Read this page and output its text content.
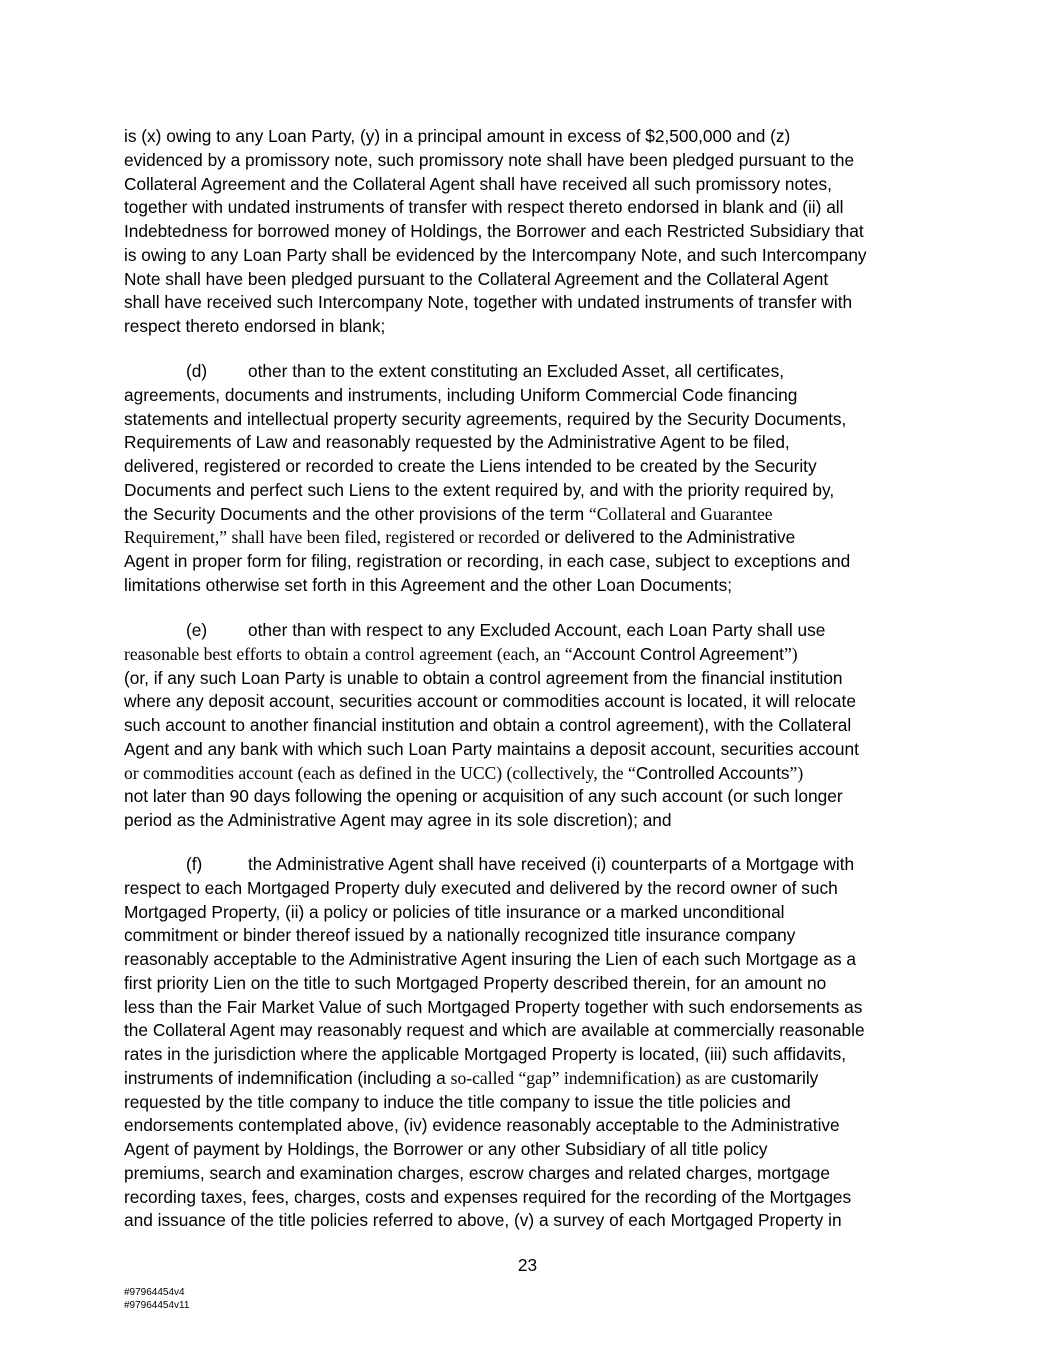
is (x) owing to any Loan Party, (y) in a principal amount in excess of $2,500,000 and (z)
evidenced by a promissory note, such promissory note shall have been pledged pursuant to the
Collateral Agreement and the Collateral Agent shall have received all such promissory notes,
together with undated instruments of transfer with respect thereto endorsed in blank and (ii) all
Indebtedness for borrowed money of Holdings, the Borrower and each Restricted Subsidiary that
is owing to any Loan Party shall be evidenced by the Intercompany Note, and such Intercompany
Note shall have been pledged pursuant to the Collateral Agreement and the Collateral Agent
shall have received such Intercompany Note, together with undated instruments of transfer with
respect thereto endorsed in blank;
(d) other than to the extent constituting an Excluded Asset, all certificates,
agreements, documents and instruments, including Uniform Commercial Code financing
statements and intellectual property security agreements, required by the Security Documents,
Requirements of Law and reasonably requested by the Administrative Agent to be filed,
delivered, registered or recorded to create the Liens intended to be created by the Security
Documents and perfect such Liens to the extent required by, and with the priority required by,
the Security Documents and the other provisions of the term “Collateral and Guarantee
Requirement,” shall have been filed, registered or recorded or delivered to the Administrative
Agent in proper form for filing, registration or recording, in each case, subject to exceptions and
limitations otherwise set forth in this Agreement and the other Loan Documents;
(e) other than with respect to any Excluded Account, each Loan Party shall use
reasonable best efforts to obtain a control agreement (each, an “Account Control Agreement”)
(or, if any such Loan Party is unable to obtain a control agreement from the financial institution
where any deposit account, securities account or commodities account is located, it will relocate
such account to another financial institution and obtain a control agreement), with the Collateral
Agent and any bank with which such Loan Party maintains a deposit account, securities account
or commodities account (each as defined in the UCC) (collectively, the “Controlled Accounts”)
not later than 90 days following the opening or acquisition of any such account (or such longer
period as the Administrative Agent may agree in its sole discretion); and
(f)	the Administrative Agent shall have received (i) counterparts of a Mortgage with
respect to each Mortgaged Property duly executed and delivered by the record owner of such
Mortgaged Property, (ii) a policy or policies of title insurance or a marked unconditional
commitment or binder thereof issued by a nationally recognized title insurance company
reasonably acceptable to the Administrative Agent insuring the Lien of each such Mortgage as a
first priority Lien on the title to such Mortgaged Property described therein, for an amount no
less than the Fair Market Value of such Mortgaged Property together with such endorsements as
the Collateral Agent may reasonably request and which are available at commercially reasonable
rates in the jurisdiction where the applicable Mortgaged Property is located, (iii) such affidavits,
instruments of indemnification (including a so-called “gap” indemnification) as are customarily
requested by the title company to induce the title company to issue the title policies and
endorsements contemplated above, (iv) evidence reasonably acceptable to the Administrative
Agent of payment by Holdings, the Borrower or any other Subsidiary of all title policy
premiums, search and examination charges, escrow charges and related charges, mortgage
recording taxes, fees, charges, costs and expenses required for the recording of the Mortgages
and issuance of the title policies referred to above, (v) a survey of each Mortgaged Property in
23
#97964454v4
#97964454v11
